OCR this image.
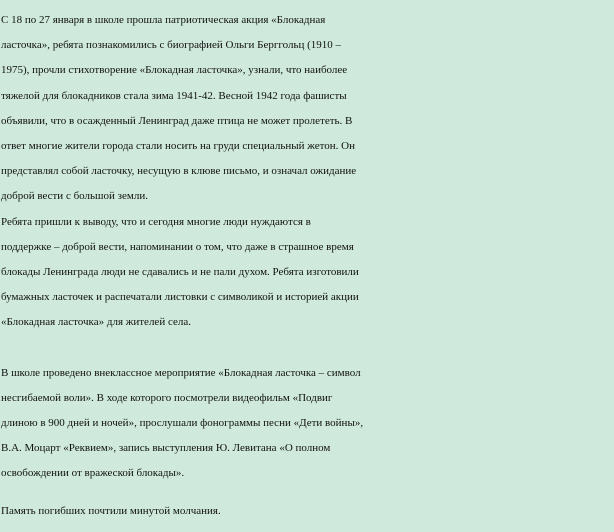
С 18 по 27 января в школе прошла патриотическая акция «Блокадная
ласточка», ребята познакомились с биографией Ольги Берггольц (1910 –
1975), прочли стихотворение «Блокадная ласточка», узнали, что наиболее
тяжелой для блокадников стала зима 1941-42. Весной 1942 года фашисты
объявили, что в осажденный Ленинград даже птица не может пролететь. В
ответ многие жители города стали носить на груди специальный жетон. Он
представлял собой ласточку, несущую в клюве письмо, и означал ожидание
доброй вести с большой земли.
Ребята пришли к выводу, что и сегодня многие люди нуждаются в
поддержке – доброй вести, напоминании о том, что даже в страшное время
блокады Ленинграда люди не сдавались и не пали духом. Ребята изготовили
бумажных ласточек и распечатали листовки с символикой и историей акции
«Блокадная ласточка» для жителей села.
В школе проведено внеклассное мероприятие «Блокадная ласточка – символ
несгибаемой воли». В ходе которого посмотрели видеофильм «Подвиг
длиною в 900 дней и ночей», прослушали фонограммы песни «Дети войны»,
В.А. Моцарт «Реквием», запись выступления Ю. Левитана «О полном
освобождении от вражеской блокады».
Память погибших почтили минутой молчания.
